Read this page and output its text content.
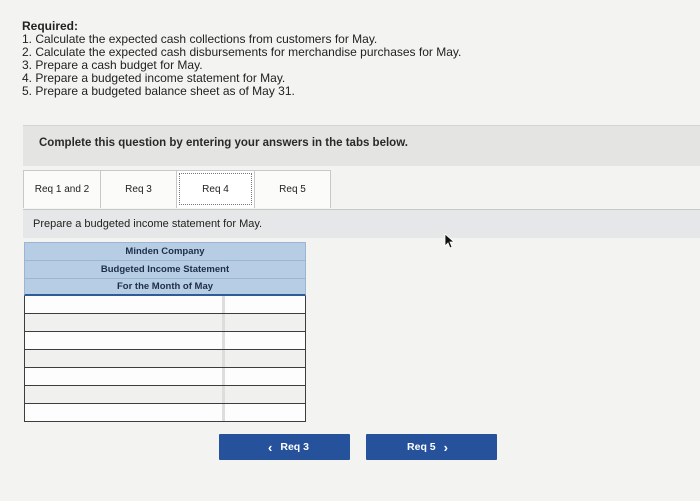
Required:
1. Calculate the expected cash collections from customers for May.
2. Calculate the expected cash disbursements for merchandise purchases for May.
3. Prepare a cash budget for May.
4. Prepare a budgeted income statement for May.
5. Prepare a budgeted balance sheet as of May 31.
Complete this question by entering your answers in the tabs below.
Req 1 and 2	Req 3	Req 4	Req 5
Prepare a budgeted income statement for May.
Minden Company
Budgeted Income Statement
For the Month of May
‹ Req 3	Req 5 ›
